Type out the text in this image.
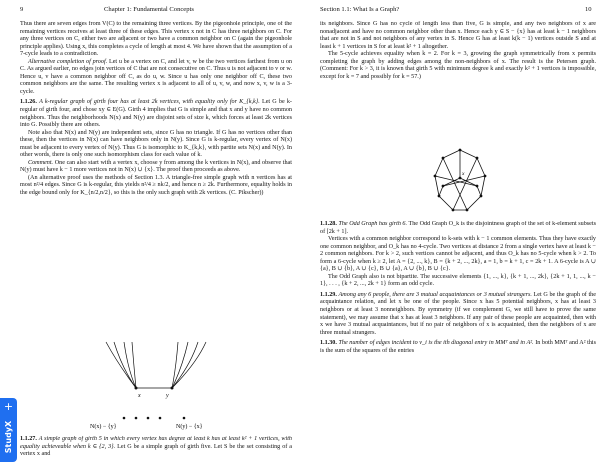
9	Chapter 1: Fundamental Concepts

Thus there are seven edges from V(C) to the remaining three vertices. By the pigeonhole principle, one of the remaining vertices receives at least three of these edges. This vertex x not in C has three neighbors on C. For any three vertices on C, either two are adjacent or two have a common neighbor on C (again the pigeonhole principle applies). Using x, this completes a cycle of length at most 4. We have shown that the assumption of a 7-cycle leads to a contradiction.

Alternative completion of proof. Let u be a vertex on C, and let v, w be the two vertices farthest from u on C. As argued earlier, no edges join vertices of C that are not consecutive on C. Thus u is not adjacent to v or w. Hence u, v have a common neighbor off C, as do u, w. Since u has only one neighbor off C, these two common neighbors are the same. The resulting vertex x is adjacent to all of u, v, w, and now x, v, w is a 3-cycle.

1.1.26. A k-regular graph of girth four has at least 2k vertices, with equality only for K_{k,k}. Let G be k-regular of girth four, and chose xy ∈ E(G). Girth 4 implies that G is simple and that x and y have no common neighbors. Thus the neighborhoods N(x) and N(y) are disjoint sets of size k, which forces at least 2k vertices into G. Possibly there are others.

Note also that N(x) and N(y) are independent sets, since G has no triangle. If G has no vertices other than these, then the vertices in N(x) can have neighbors only in N(y). Since G is k-regular, every vertex of N(x) must be adjacent to every vertex of N(y). Thus G is isomorphic to K_{k,k}, with partite sets N(x) and N(y). In other words, there is only one such isomorphism class for each value of k.

Comment. One can also start with a vertex x, choose y from among the k vertices in N(x), and observe that N(y) must have k − 1 more vertices not in N(x) ∪ {x}. The proof then proceeds as above.

(An alternative proof uses the methods of Section 1.3. A triangle-free simple graph with n vertices has at most n²/4 edges. Since G is k-regular, this yields n²/4 ≥ nk/2, and hence n ≥ 2k. Furthermore, equality holds in the edge bound only for K_{n/2,n/2}, so this is the only such graph with 2k vertices. (C. Pikscher))

x	y
N(x) − {y}	N(y) − {x}

1.1.27. A simple graph of girth 5 in which every vertex has degree at least k has at least k² + 1 vertices, with equality achieveable when k ∈ {2, 3}. Let G be a simple graph of girth five. Let S be the set consisting of a vertex x and

+
StudyX
Section 1.1: What Is a Graph?	10

its neighbors. Since G has no cycle of length less than five, G is simple, and any two neighbors of x are nonadjacent and have no common neighbor other than x. Hence each y ∈ S − {x} has at least k − 1 neighbors that are not in S and not neighbors of any vertex in S. Hence G has at least k(k − 1) vertices outside S and at least k + 1 vertices in S for at least k² + 1 altogether.

The 5-cycle achieves equality when k = 2. For k = 3, growing the graph symmetrically from x permits completing the graph by adding edges among the non-neighbors of x. The result is the Petersen graph. (Comment: For k > 3, it is known that girth 5 with minimum degree k and exactly k² + 1 vertices is impossible, except for k = 7 and possibly for k = 57.)

x

1.1.28. The Odd Graph has girth 6. The Odd Graph O_k is the disjointness graph of the set of k-element subsets of [2k + 1].

Vertices with a common neighbor correspond to k-sets with k − 1 common elements. Thus they have exactly one common neighbor, and O_k has no 4-cycle. Two vertices at distance 2 from a single vertex have at least k − 2 common neighbors. For k > 2, such vertices cannot be adjacent, and thus O_k has no 5-cycle when k > 2. To form a 6-cycle when k ≥ 2, let A = {2, ..., k}, B = {k + 2, ..., 2k}, a = 1, b = k + 1, c = 2k + 1. A 6-cycle is A ∪ {a}, B ∪ {b}, A ∪ {c}, B ∪ {a}, A ∪ {b}, B ∪ {c}.

The Odd Graph also is not bipartite. The successive elements {1, ..., k}, {k + 1, ..., 2k}, {2k + 1, 1, ..., k − 1}, . . . , {k + 2, ..., 2k + 1} form an odd cycle.

1.1.29. Among any 6 people, there are 3 mutual acquaintances or 3 mutual strangers. Let G be the graph of the acquaintance relation, and let x be one of the people. Since x has 5 potential neighbors, x has at least 3 neighbors or at least 3 nonneighbors. By symmetry (if we complement G, we still have to prove the same statement), we may assume that x has at least 3 neighbors. If any pair of these people are acquainted, then with x we have 3 mutual acquaintances, but if no pair of neighbors of x is acquainted, then the neighbors of x are three mutual strangers.

1.1.30. The number of edges incident to v_i is the ith diagonal entry in MMᵀ and in A². In both MMᵀ and A² this is the sum of the squares of the entries
